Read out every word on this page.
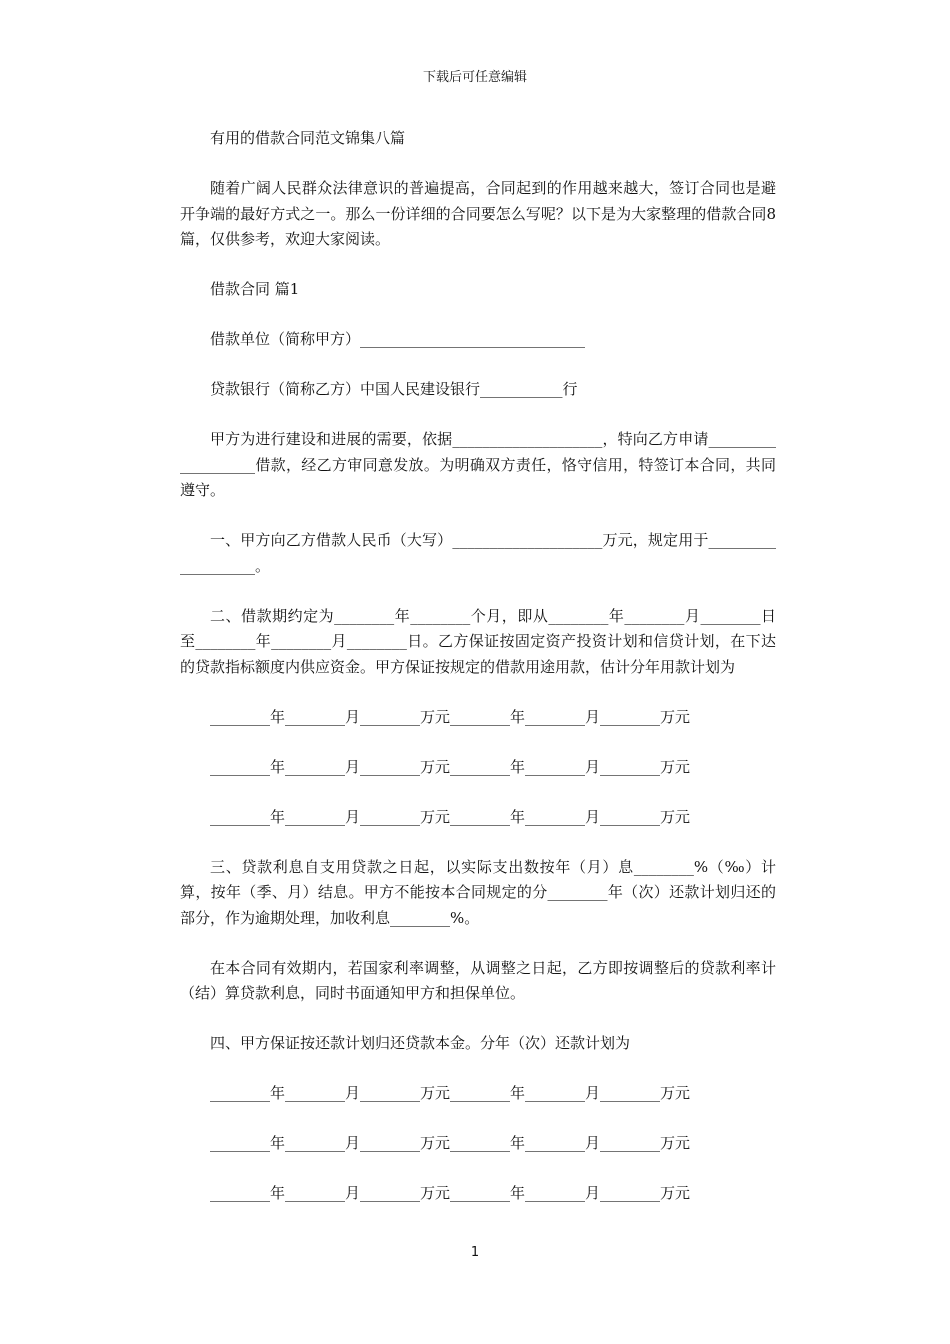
下载后可任意编辑

有用的借款合同范文锦集八篇

随着广阔人民群众法律意识的普遍提高，合同起到的作用越来越大，签订合同也是避开争端的最好方式之一。那么一份详细的合同要怎么写呢？以下是为大家整理的借款合同8篇，仅供参考，欢迎大家阅读。

借款合同 篇1

借款单位（简称甲方）______________________________

贷款银行（简称乙方）中国人民建设银行___________行

甲方为进行建设和进展的需要，依据____________________，特向乙方申请___________________借款，经乙方审同意发放。为明确双方责任，恪守信用，特签订本合同，共同遵守。

一、甲方向乙方借款人民币（大写）____________________万元，规定用于___________________。

二、借款期约定为________年________个月，即从________年________月________日至________年________月________日。乙方保证按固定资产投资计划和信贷计划，在下达的贷款指标额度内供应资金。甲方保证按规定的借款用途用款，估计分年用款计划为

________年________月________万元________年________月________万元
________年________月________万元________年________月________万元
________年________月________万元________年________月________万元

三、贷款利息自支用贷款之日起，以实际支出数按年（月）息________%（‰）计算，按年（季、月）结息。甲方不能按本合同规定的分________年（次）还款计划归还的部分，作为逾期处理，加收利息________%。

在本合同有效期内，若国家利率调整，从调整之日起，乙方即按调整后的贷款利率计（结）算贷款利息，同时书面通知甲方和担保单位。

四、甲方保证按还款计划归还贷款本金。分年（次）还款计划为

________年________月________万元________年________月________万元
________年________月________万元________年________月________万元
________年________月________万元________年________月________万元
1
